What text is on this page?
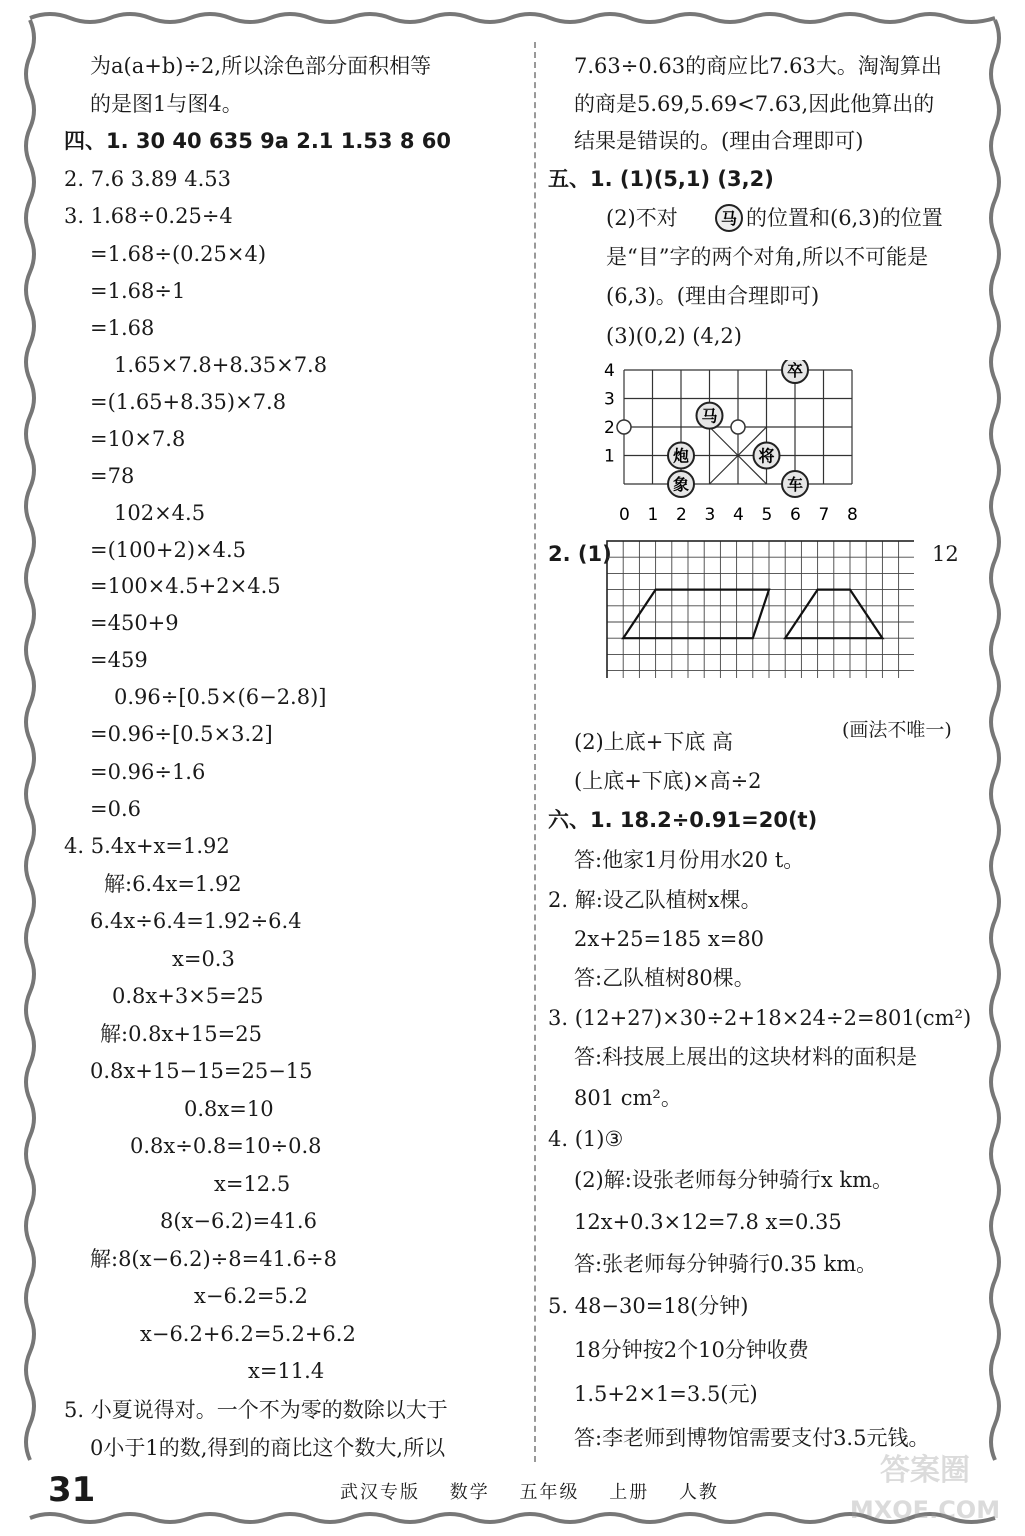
为a(a+b)÷2,所以涂色部分面积相等
的是图1与图4。
四、1. 30 40 635 9a 2.1 1.53 8 60
2. 7.6 3.89 4.53
3. 1.68÷0.25÷4
=1.68÷(0.25×4)
=1.68÷1
=1.68
1.65×7.8+8.35×7.8
=(1.65+8.35)×7.8
=10×7.8
=78
102×4.5
=(100+2)×4.5
=100×4.5+2×4.5
=450+9
=459
0.96÷[0.5×(6−2.8)]
=0.96÷[0.5×3.2]
=0.96÷1.6
=0.6
4. 5.4x+x=1.92
解:6.4x=1.92
6.4x÷6.4=1.92÷6.4
x=0.3
0.8x+3×5=25
解:0.8x+15=25
0.8x+15−15=25−15
0.8x=10
0.8x÷0.8=10÷0.8
x=12.5
8(x−6.2)=41.6
解:8(x−6.2)÷8=41.6÷8
x−6.2=5.2
x−6.2+6.2=5.2+6.2
x=11.4
5. 小夏说得对。一个不为零的数除以大于
0小于1的数,得到的商比这个数大,所以
7.63÷0.63的商应比7.63大。淘淘算出
的商是5.69,5.69<7.63,因此他算出的
结果是错误的。(理由合理即可)
五、1. (1)(5,1) (3,2)
(2)不对	马 的位置和(6,3)的位置
是“目”字的两个对角,所以不可能是
(6,3)。(理由合理即可)
(3)(0,2) (4,2)
4
3
2
1
0 1 2 3 4 5 6 7 8
卒
马
炮	将
象	车
2. (1)	12
(画法不唯一)
(2)上底+下底 高
(上底+下底)×高÷2
六、1. 18.2÷0.91=20(t)
答:他家1月份用水20 t。
2. 解:设乙队植树x棵。
2x+25=185 x=80
答:乙队植树80棵。
3. (12+27)×30÷2+18×24÷2=801(cm²)
答:科技展上展出的这块材料的面积是
801 cm²。
4. (1)③
(2)解:设张老师每分钟骑行x km。
12x+0.3×12=7.8 x=0.35
答:张老师每分钟骑行0.35 km。
5. 48−30=18(分钟)
18分钟按2个10分钟收费
1.5+2×1=3.5(元)
答:李老师到博物馆需要支付3.5元钱。
31	武汉专版 数学 五年级 上册 人教
答案圈
MXQE.COM
